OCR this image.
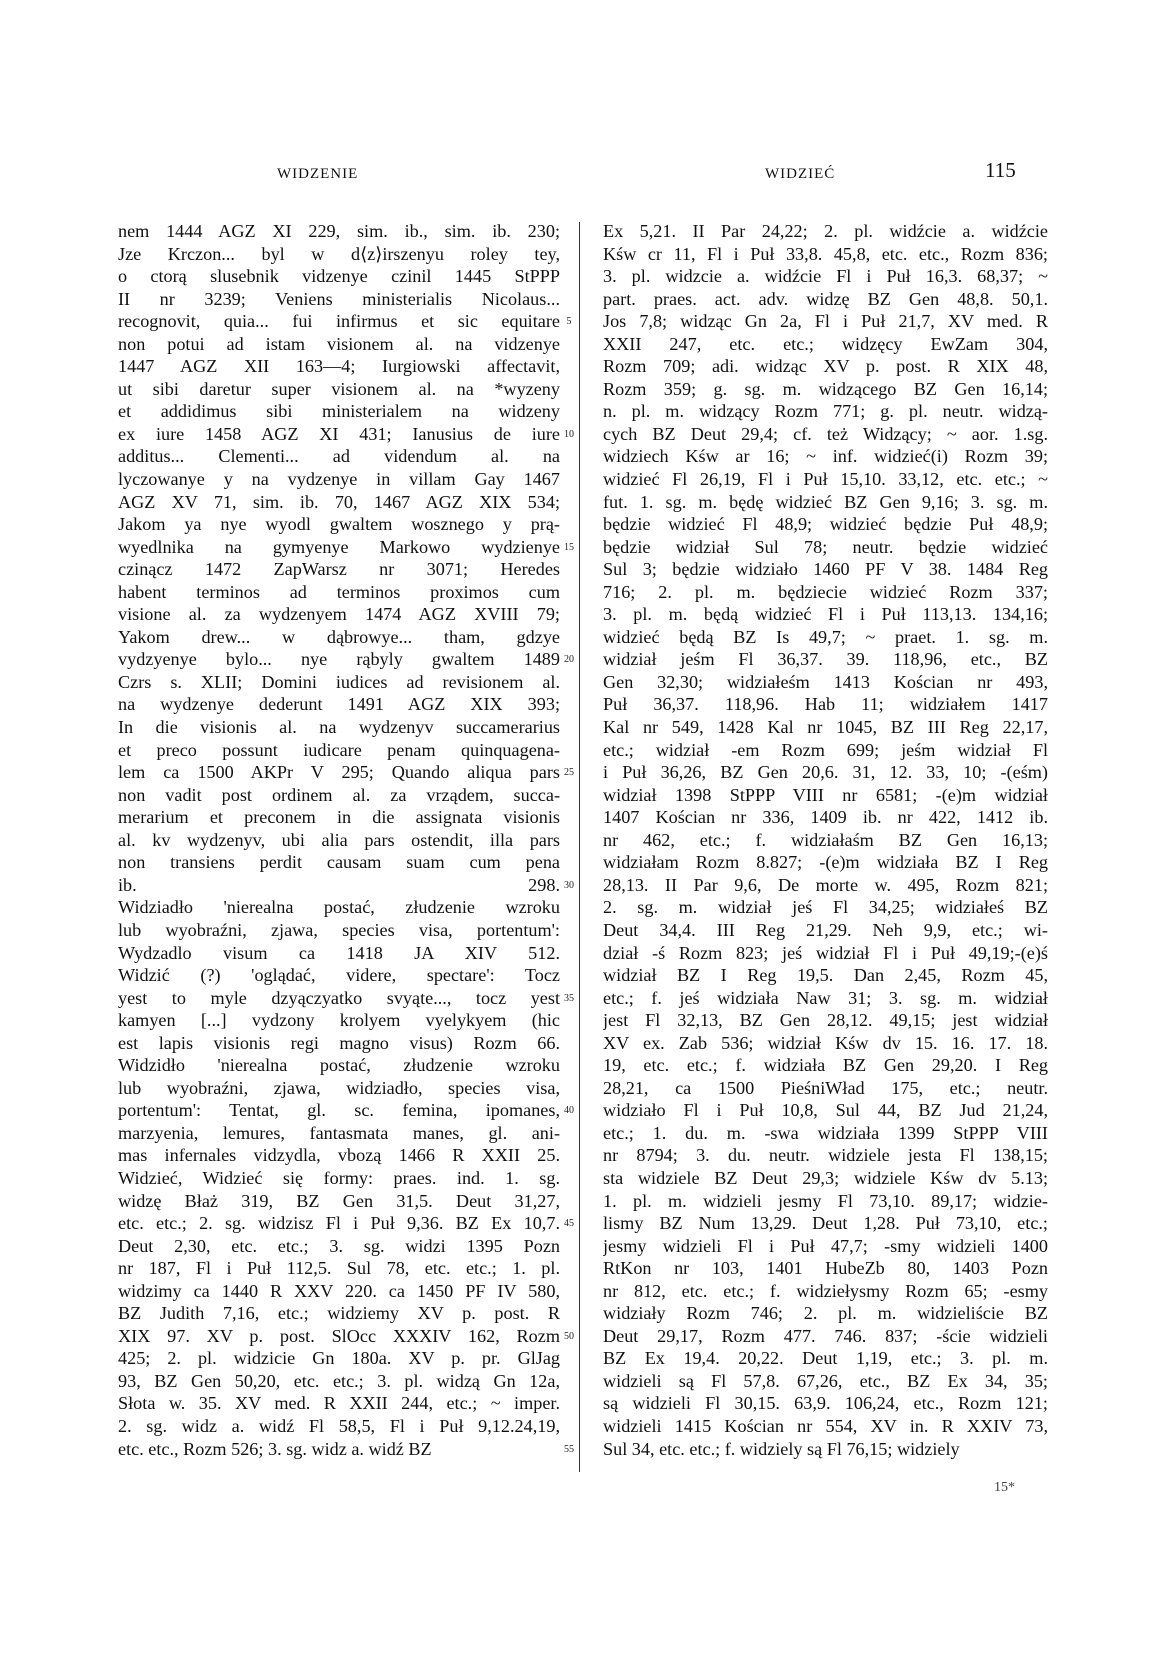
WIDZENIE	WIDZIEĆ	115
nem 1444 AGZ XI 229, sim. ib., sim. ib. 230;
Jze Krczon... byl w d⟨z⟩irszenyu roley tey,
o ctorą slusebnik vidzenye czinil 1445 StPPP
II nr 3239; Veniens ministerialis Nicolaus...
recognovit, quia... fui infirmus et sic equitare
non potui ad istam visionem al. na vidzenye
1447 AGZ XII 163—4; Iurgiowski affectavit,
ut sibi daretur super visionem al. na *wyzeny
et addidimus sibi ministerialem na widzeny
ex iure 1458 AGZ XI 431; Ianusius de iure
additus... Clementi... ad videndum al. na
lyczowanye y na vydzenye in villam Gay 1467
AGZ XV 71, sim. ib. 70, 1467 AGZ XIX 534;
Jakom ya nye wyodl gwaltem wosznego y prą-
wyedlnika na gymyenye Markowo wydzienye
czinącz 1472 ZapWarsz nr 3071; Heredes
habent terminos ad terminos proximos cum
visione al. za wydzenyem 1474 AGZ XVIII 79;
Yakom drew... w dąbrowye... tham, gdzye
vydzyenye bylo... nye rąbyly gwaltem 1489
Czrs s. XLII; Domini iudices ad revisionem al.
na wydzenye dederunt 1491 AGZ XIX 393;
In die visionis al. na wydzenyv succamerarius
et preco possunt iudicare penam quinquagena-
lem ca 1500 AKPr V 295; Quando aliqua pars
non vadit post ordinem al. za vrządem, succa-
merarium et preconem in die assignata visionis
al. kv wydzenyv, ubi alia pars ostendit, illa pars
non transiens perdit causam suam cum pena
ib. 298.
Widziadło 'nierealna postać, złudzenie wzroku
lub wyobraźni, zjawa, species visa, portentum':
Wydzadlo visum ca 1418 JA XIV 512.
Widzić (?) 'oglądać, videre, spectare': Tocz
yest to myle dzyączyatko svyąte..., tocz yest
kamyen [...] vydzony krolyem vyelykyem (hic
est lapis visionis regi magno visus) Rozm 66.
Widzidło 'nierealna postać, złudzenie wzroku
lub wyobraźni, zjawa, widziadło, species visa,
portentum': Tentat, gl. sc. femina, ipomanes,
marzyenia, lemures, fantasmata manes, gl. ani-
mas infernales vidzydla, vbozą 1466 R XXII 25.
Widzieć, Widzieć się formy: praes. ind. 1. sg.
widzę Błaż 319, BZ Gen 31,5. Deut 31,27,
etc. etc.; 2. sg. widzisz Fl i Puł 9,36. BZ Ex 10,7.
Deut 2,30, etc. etc.; 3. sg. widzi 1395 Pozn
nr 187, Fl i Puł 112,5. Sul 78, etc. etc.; 1. pl.
widzimy ca 1440 R XXV 220. ca 1450 PF IV 580,
BZ Judith 7,16, etc.; widziemy XV p. post. R
XIX 97. XV p. post. SlOcc XXXIV 162, Rozm
425; 2. pl. widzicie Gn 180a. XV p. pr. GlJag
93, BZ Gen 50,20, etc. etc.; 3. pl. widzą Gn 12a,
Słota w. 35. XV med. R XXII 244, etc.; ~ imper.
2. sg. widz a. widź Fl 58,5, Fl i Puł 9,12.24,19,
etc. etc., Rozm 526; 3. sg. widz a. widź BZ
5
10
15
20
25
30
35
40
45
50
55
Ex 5,21. II Par 24,22; 2. pl. widźcie a. widźcie
Kśw cr 11, Fl i Puł 33,8. 45,8, etc. etc., Rozm 836;
3. pl. widzcie a. widźcie Fl i Puł 16,3. 68,37; ~
part. praes. act. adv. widzę BZ Gen 48,8. 50,1.
Jos 7,8; widząc Gn 2a, Fl i Puł 21,7, XV med. R
XXII 247, etc. etc.; widzęcy EwZam 304,
Rozm 709; adi. widząc XV p. post. R XIX 48,
Rozm 359; g. sg. m. widzącego BZ Gen 16,14;
n. pl. m. widzący Rozm 771; g. pl. neutr. widzą-
cych BZ Deut 29,4; cf. też Widzący; ~ aor. 1.sg.
widziech Kśw ar 16; ~ inf. widzieć(i) Rozm 39;
widzieć Fl 26,19, Fl i Puł 15,10. 33,12, etc. etc.; ~
fut. 1. sg. m. będę widzieć BZ Gen 9,16; 3. sg. m.
będzie widzieć Fl 48,9; widzieć będzie Puł 48,9;
będzie widział Sul 78; neutr. będzie widzieć
Sul 3; będzie widziało 1460 PF V 38. 1484 Reg
716; 2. pl. m. będziecie widzieć Rozm 337;
3. pl. m. będą widzieć Fl i Puł 113,13. 134,16;
widzieć będą BZ Is 49,7; ~ praet. 1. sg. m.
widział jeśm Fl 36,37. 39. 118,96, etc., BZ
Gen 32,30; widziałeśm 1413 Kościan nr 493,
Puł 36,37. 118,96. Hab 11; widziałem 1417
Kal nr 549, 1428 Kal nr 1045, BZ III Reg 22,17,
etc.; widział -em Rozm 699; jeśm widział Fl
i Puł 36,26, BZ Gen 20,6. 31, 12. 33, 10; -(eśm)
widział 1398 StPPP VIII nr 6581; -(e)m widział
1407 Kościan nr 336, 1409 ib. nr 422, 1412 ib.
nr 462, etc.; f. widziałaśm BZ Gen 16,13;
widziałam Rozm 8.827; -(e)m widziała BZ I Reg
28,13. II Par 9,6, De morte w. 495, Rozm 821;
2. sg. m. widział jeś Fl 34,25; widziałeś BZ
Deut 34,4. III Reg 21,29. Neh 9,9, etc.; wi-
dział -ś Rozm 823; jeś widział Fl i Puł 49,19;-(e)ś
widział BZ I Reg 19,5. Dan 2,45, Rozm 45,
etc.; f. jeś widziała Naw 31; 3. sg. m. widział
jest Fl 32,13, BZ Gen 28,12. 49,15; jest widział
XV ex. Zab 536; widział Kśw dv 15. 16. 17. 18.
19, etc. etc.; f. widziała BZ Gen 29,20. I Reg
28,21, ca 1500 PieśniWład 175, etc.; neutr.
widziało Fl i Puł 10,8, Sul 44, BZ Jud 21,24,
etc.; 1. du. m. -swa widziała 1399 StPPP VIII
nr 8794; 3. du. neutr. widziele jesta Fl 138,15;
sta widziele BZ Deut 29,3; widziele Kśw dv 5.13;
1. pl. m. widzieli jesmy Fl 73,10. 89,17; widzie-
lismy BZ Num 13,29. Deut 1,28. Puł 73,10, etc.;
jesmy widzieli Fl i Puł 47,7; -smy widzieli 1400
RtKon nr 103, 1401 HubeZb 80, 1403 Pozn
nr 812, etc. etc.; f. widziełysmy Rozm 65; -esmy
widziały Rozm 746; 2. pl. m. widzieliście BZ
Deut 29,17, Rozm 477. 746. 837; -ście widzieli
BZ Ex 19,4. 20,22. Deut 1,19, etc.; 3. pl. m.
widzieli są Fl 57,8. 67,26, etc., BZ Ex 34, 35;
są widzieli Fl 30,15. 63,9. 106,24, etc., Rozm 121;
widzieli 1415 Kościan nr 554, XV in. R XXIV 73,
Sul 34, etc. etc.; f. widziely są Fl 76,15; widziely
15*
